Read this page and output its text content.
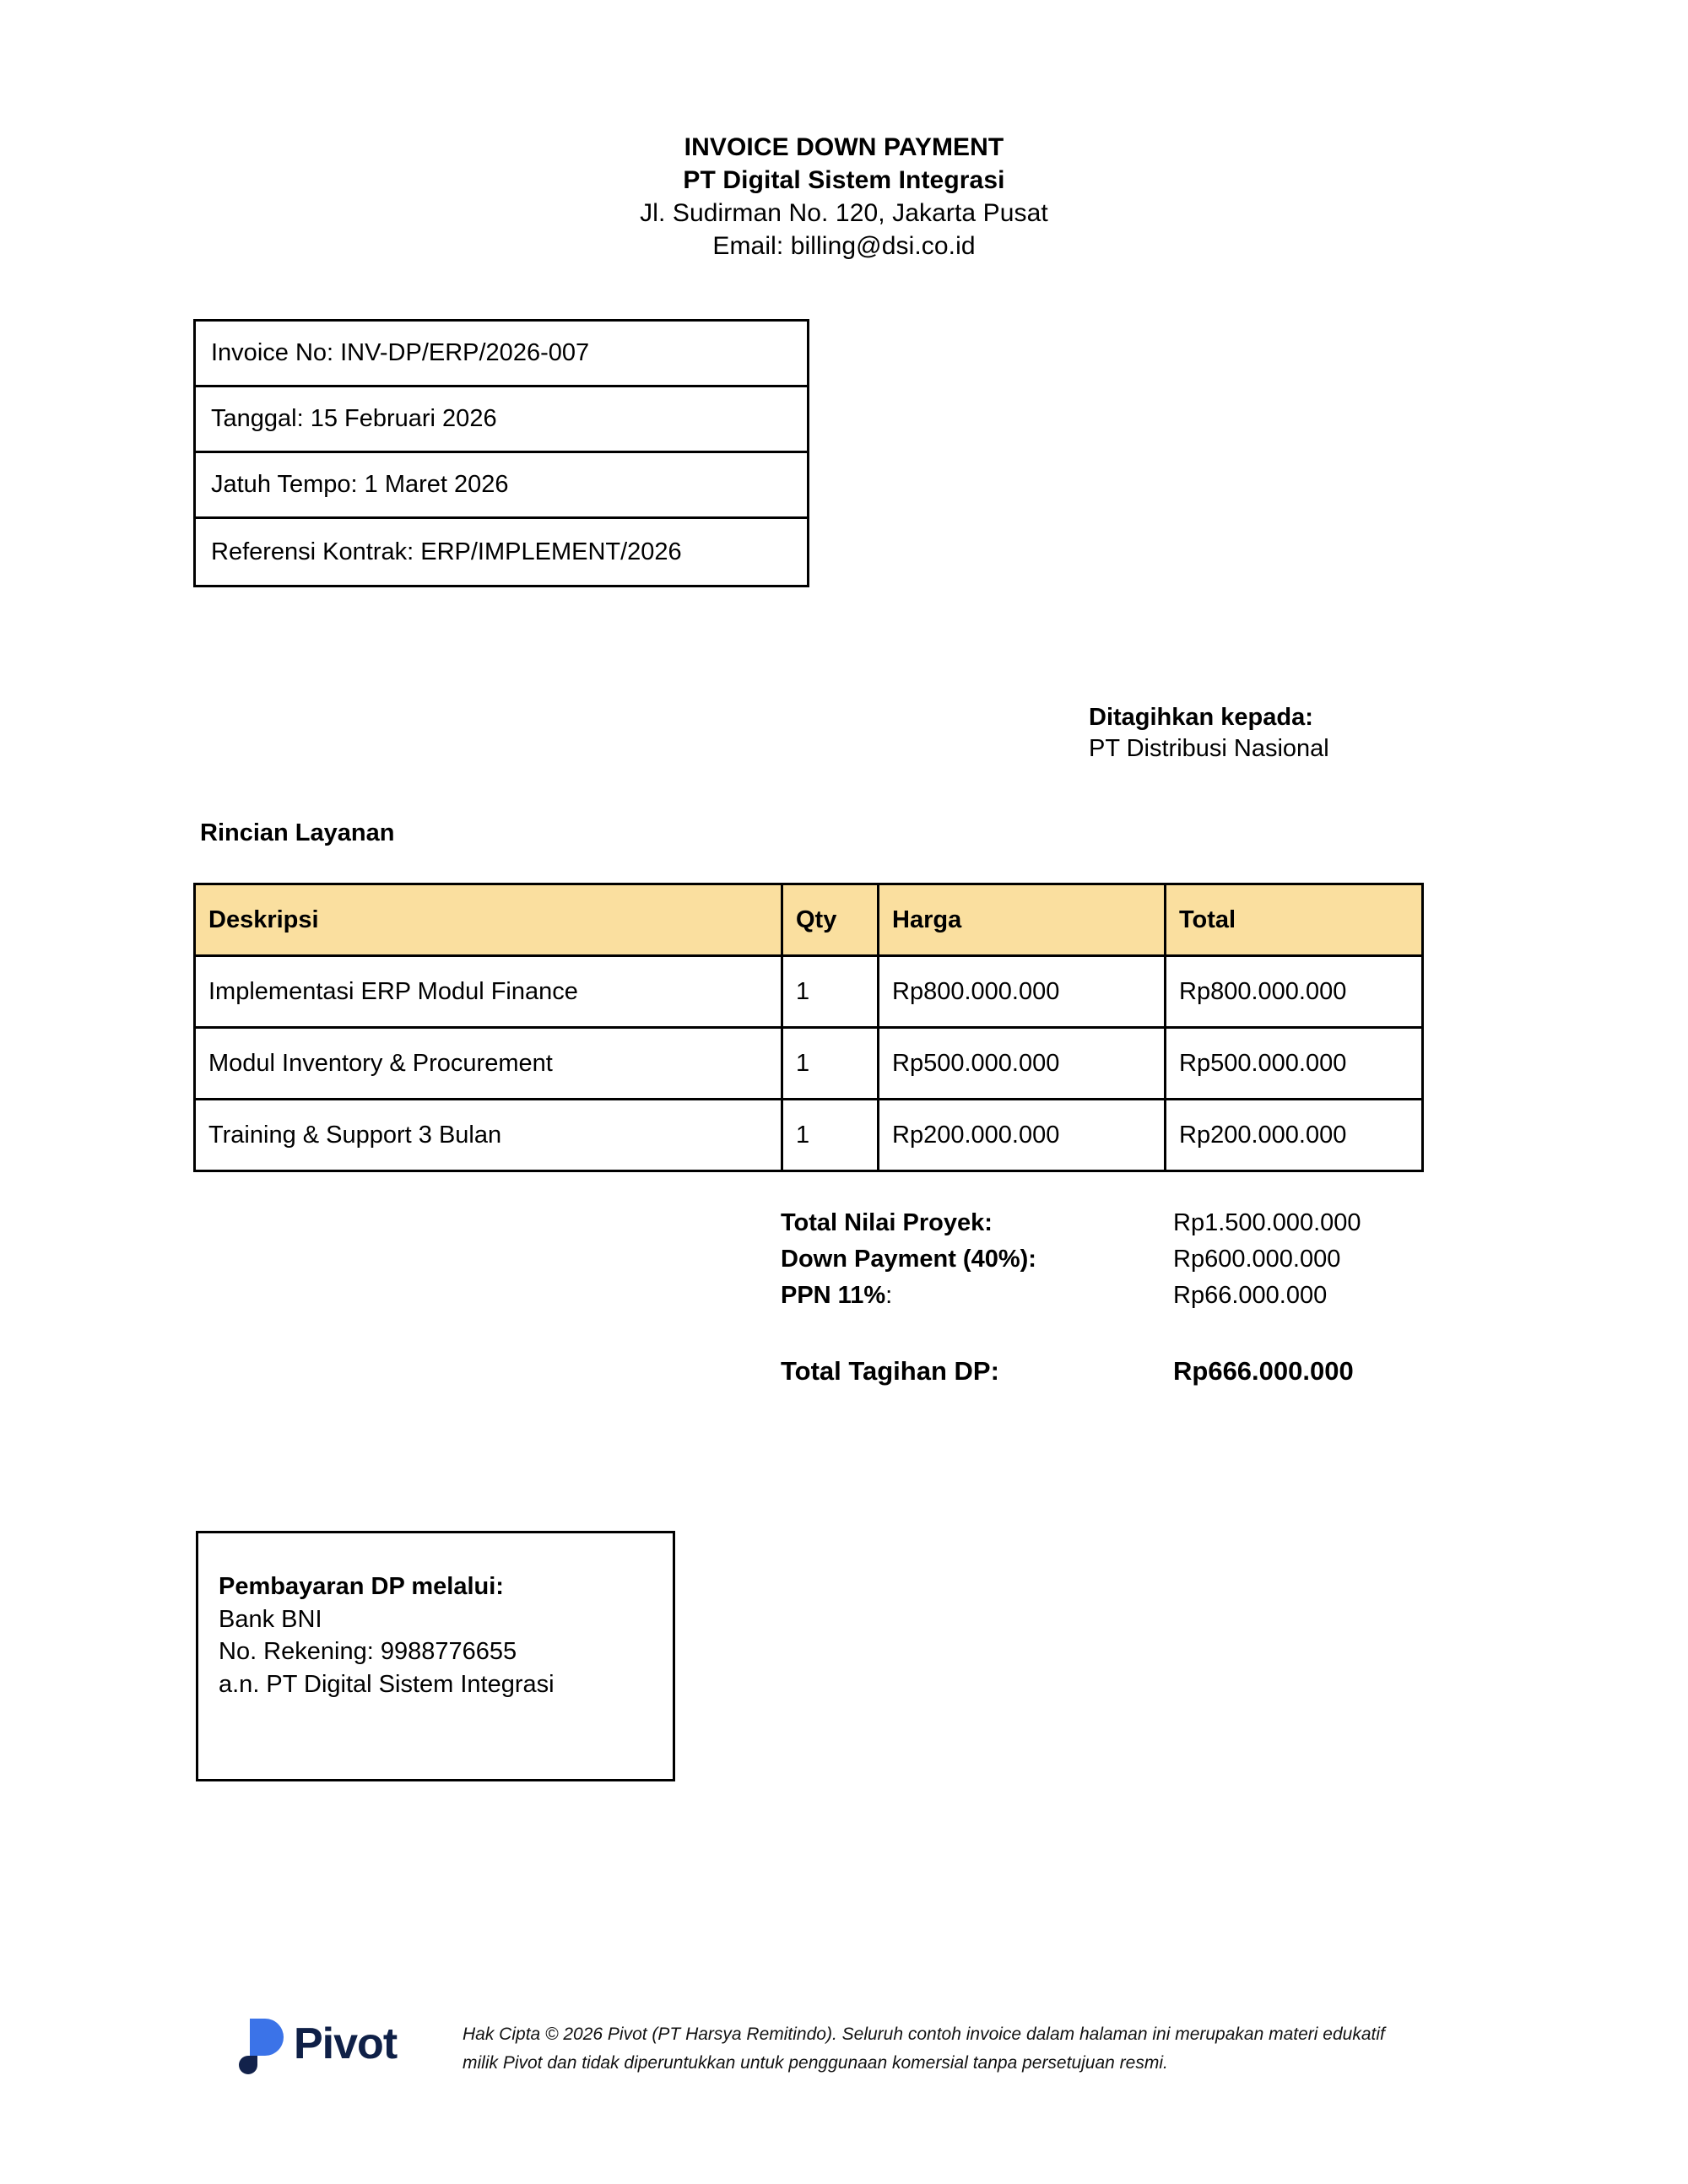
INVOICE DOWN PAYMENT
PT Digital Sistem Integrasi
Jl. Sudirman No. 120, Jakarta Pusat
Email: billing@dsi.co.id
Invoice No: INV-DP/ERP/2026-007
Tanggal: 15 Februari 2026
Jatuh Tempo: 1 Maret 2026
Referensi Kontrak: ERP/IMPLEMENT/2026
Ditagihkan kepada:
PT Distribusi Nasional
Rincian Layanan
Deskripsi	Qty	Harga	Total
Implementasi ERP Modul Finance	1	Rp800.000.000	Rp800.000.000
Modul Inventory & Procurement	1	Rp500.000.000	Rp500.000.000
Training & Support 3 Bulan	1	Rp200.000.000	Rp200.000.000
Total Nilai Proyek:	Rp1.500.000.000
Down Payment (40%):	Rp600.000.000
PPN 11%:	Rp66.000.000
Total Tagihan DP:	Rp666.000.000
Pembayaran DP melalui:
Bank BNI
No. Rekening: 9988776655
a.n. PT Digital Sistem Integrasi
Pivot	Hak Cipta © 2026 Pivot (PT Harsya Remitindo). Seluruh contoh invoice dalam halaman ini merupakan materi edukatif

milik Pivot dan tidak diperuntukkan untuk penggunaan komersial tanpa persetujuan resmi.
